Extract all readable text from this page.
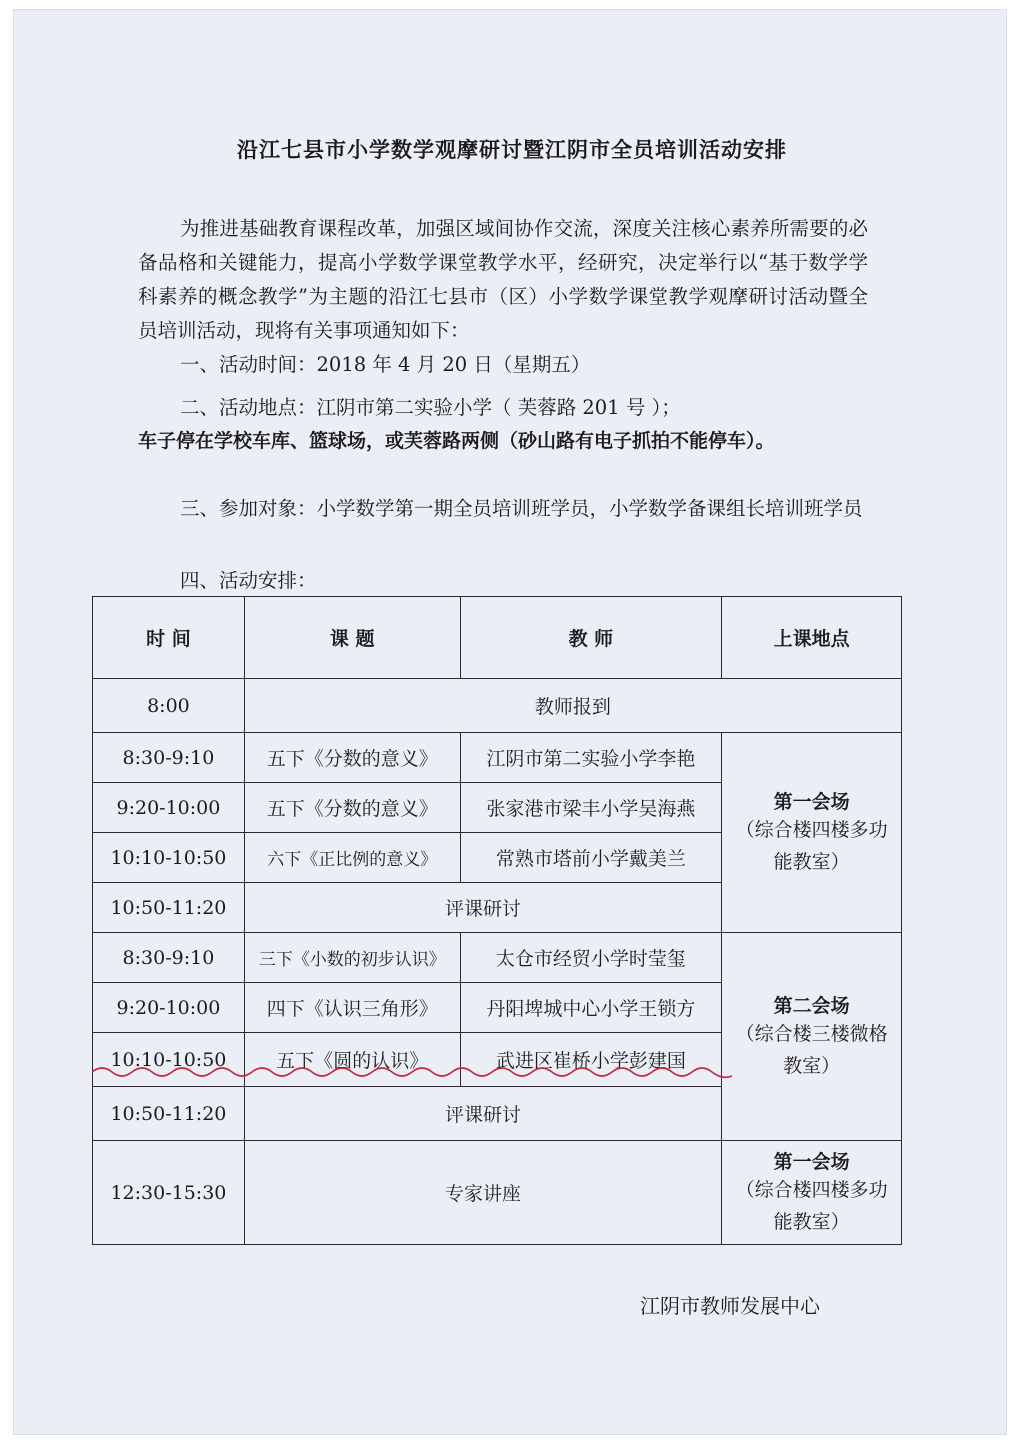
沿江七县市小学数学观摩研讨暨江阴市全员培训活动安排
为推进基础教育课程改革，加强区域间协作交流，深度关注核心素养所需要的必备品格和关键能力，提高小学数学课堂教学水平，经研究，决定举行以“基于数学学科素养的概念教学”为主题的沿江七县市（区）小学数学课堂教学观摩研讨活动暨全员培训活动，现将有关事项通知如下：
一、活动时间：2018 年 4 月 20 日（星期五）
二、活动地点：江阴市第二实验小学（ 芙蓉路 201 号 ）；
车子停在学校车库、篮球场，或芙蓉路两侧（砂山路有电子抓拍不能停车）。
三、参加对象：小学数学第一期全员培训班学员，小学数学备课组长培训班学员
四、活动安排：
时 间	课 题	教 师	上课地点
8:00	教师报到		
8:30-9:10	五下《分数的意义》	江阴市第二实验小学李艳	第一会场
（综合楼四楼多功能教室）

9:20-10:00	五下《分数的意义》	张家港市梁丰小学吴海燕	
10:10-10:50	六下《正比例的意义》	常熟市塔前小学戴美兰	
10:50-11:20	评课研讨		
8:30-9:10	三下《小数的初步认识》	太仓市经贸小学时莹玺	第二会场
（综合楼三楼微格教室）

9:20-10:00	四下《认识三角形》	丹阳埤城中心小学王锁方	
10:10-10:50	五下《圆的认识》	武进区崔桥小学彭建国	
10:50-11:20	评课研讨		
12:30-15:30	专家讲座		第一会场
（综合楼四楼多功能教室）
江阴市教师发展中心
